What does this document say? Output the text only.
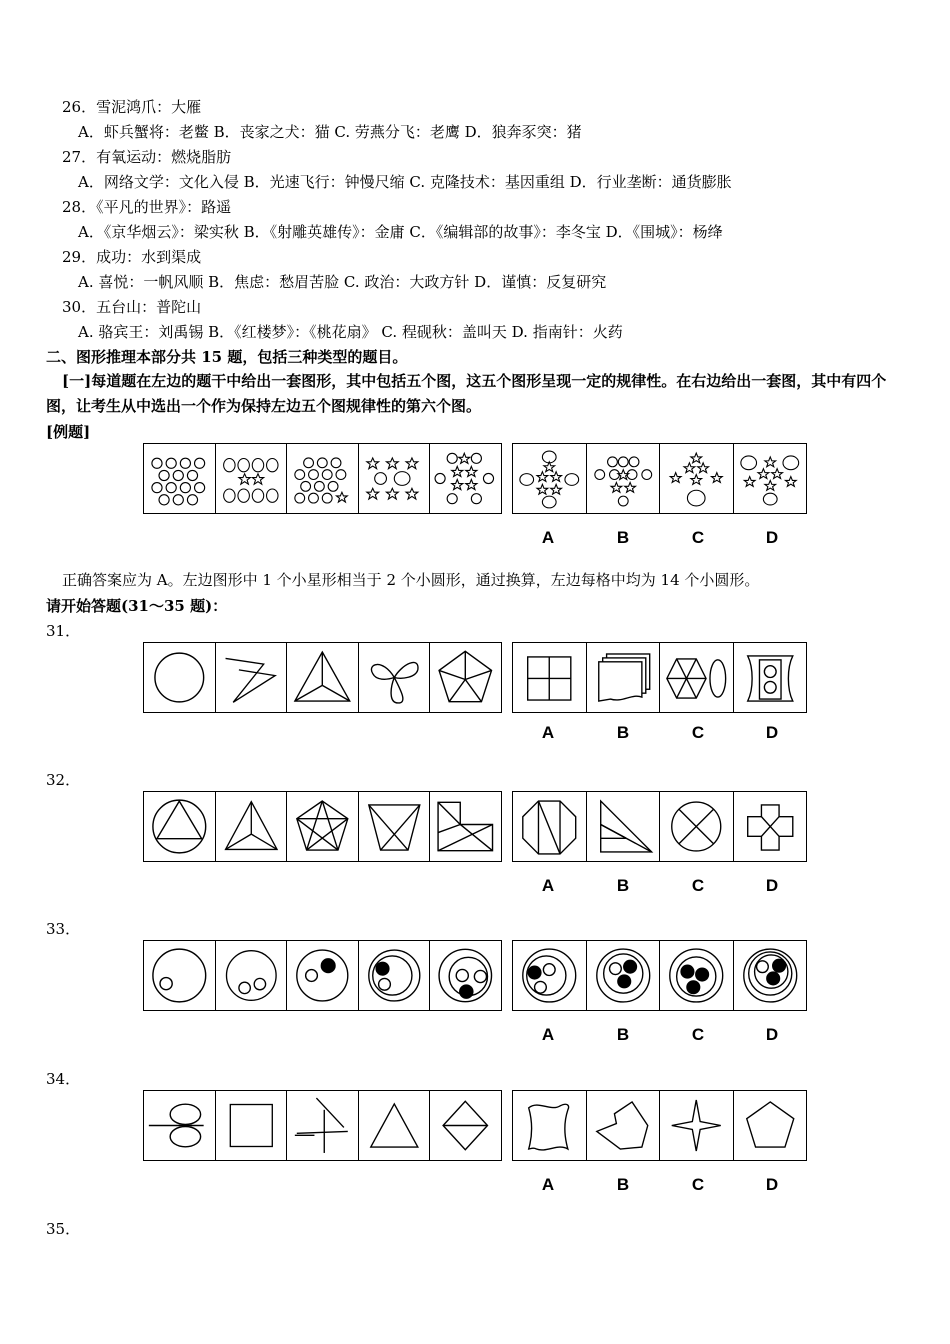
26．雪泥鸿爪：大雁
A．虾兵蟹将：老鳖 B．丧家之犬：猫 C. 劳燕分飞：老鹰 D．狼奔豕突：猪
27．有氧运动：燃烧脂肪
A．网络文学：文化入侵 B．光速飞行：钟慢尺缩 C. 克隆技术：基因重组 D．行业垄断：通货膨胀
28．《平凡的世界》：路遥
A．《京华烟云》：梁实秋 B．《射雕英雄传》：金庸 C．《编辑部的故事》：李冬宝 D．《围城》：杨绛
29．成功：水到渠成
A. 喜悦：一帆风顺 B．焦虑：愁眉苦脸 C. 政治：大政方针 D．谨慎：反复研究
30．五台山：普陀山
A. 骆宾王：刘禹锡 B．《红楼梦》：《桃花扇》 C. 程砚秋：盖叫天 D. 指南针：火药
二、图形推理本部分共 15 题，包括三种类型的题目。
[一]每道题在左边的题干中给出一套图形，其中包括五个图，这五个图形呈现一定的规律性。在右边给出一套图，其中有四个图，让考生从中选出一个作为保持左边五个图规律性的第六个图。
[例题]
A	B	C	D
正确答案应为 A。左边图形中 1 个小星形相当于 2 个小圆形，通过换算，左边每格中均为 14 个小圆形。
请开始答题(31～35 题)：
31．
A	B	C	D
32．
A	B	C	D
33．
A	B	C	D
34．
A	B	C	D
35．
